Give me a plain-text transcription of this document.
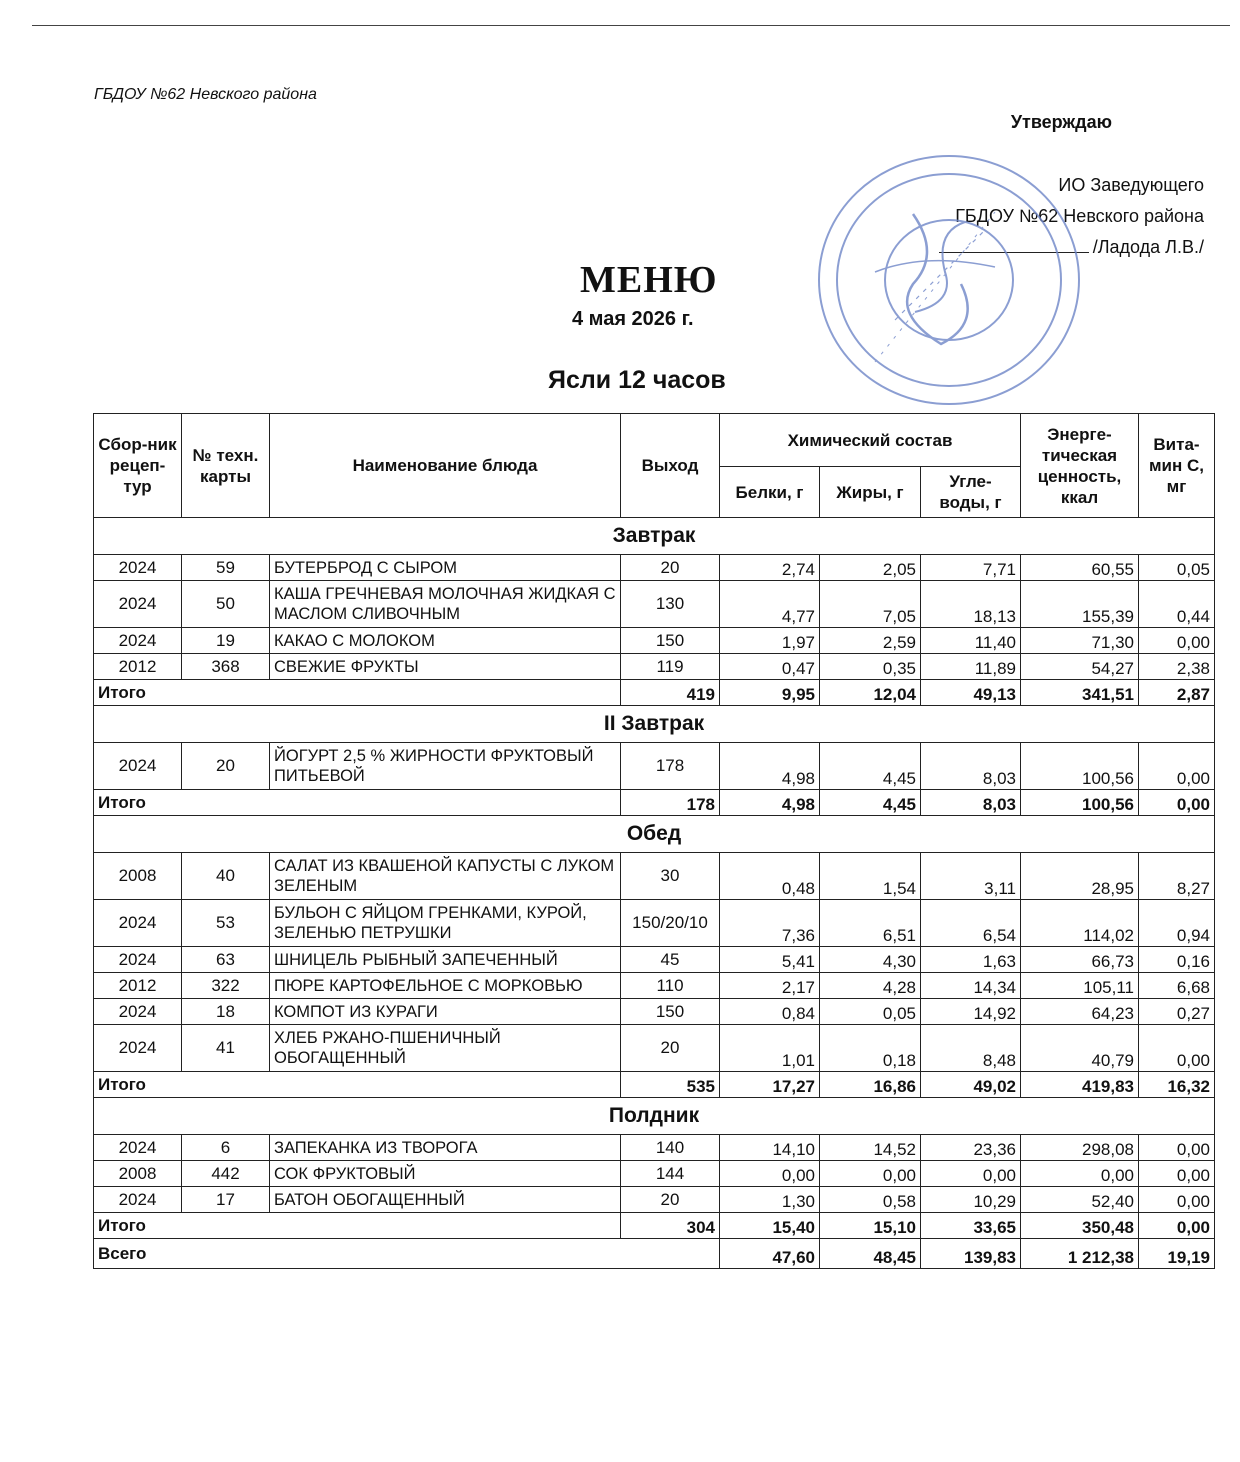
ГБДОУ №62 Невского района
Утверждаю
ИО Заведующего
ГБДОУ №62 Невского района
/Ладода Л.В./
МЕНЮ
4 мая 2026 г.
Ясли 12 часов
Сбор-ник рецеп-тур	№ техн. карты	Наименование блюда	Выход	Химический состав			Энерге-тическая ценность, ккал	Вита-мин С, мг
				Белки, г	Жиры, г	Угле-воды, г		
Завтрак								
2024	59	БУТЕРБРОД С СЫРОМ	20	2,74	2,05	7,71	60,55	0,05
2024	50	КАША ГРЕЧНЕВАЯ МОЛОЧНАЯ ЖИДКАЯ С МАСЛОМ СЛИВОЧНЫМ	130	4,77	7,05	18,13	155,39	0,44
2024	19	КАКАО С МОЛОКОМ	150	1,97	2,59	11,40	71,30	0,00
2012	368	СВЕЖИЕ ФРУКТЫ	119	0,47	0,35	11,89	54,27	2,38
Итого			419	9,95	12,04	49,13	341,51	2,87
II Завтрак								
2024	20	ЙОГУРТ 2,5 % ЖИРНОСТИ ФРУКТОВЫЙ ПИТЬЕВОЙ	178	4,98	4,45	8,03	100,56	0,00
Итого			178	4,98	4,45	8,03	100,56	0,00
Обед								
2008	40	САЛАТ ИЗ КВАШЕНОЙ КАПУСТЫ С ЛУКОМ ЗЕЛЕНЫМ	30	0,48	1,54	3,11	28,95	8,27
2024	53	БУЛЬОН С ЯЙЦОМ ГРЕНКАМИ, КУРОЙ, ЗЕЛЕНЬЮ ПЕТРУШКИ	150/20/10	7,36	6,51	6,54	114,02	0,94
2024	63	ШНИЦЕЛЬ РЫБНЫЙ ЗАПЕЧЕННЫЙ	45	5,41	4,30	1,63	66,73	0,16
2012	322	ПЮРЕ КАРТОФЕЛЬНОЕ С МОРКОВЬЮ	110	2,17	4,28	14,34	105,11	6,68
2024	18	КОМПОТ ИЗ КУРАГИ	150	0,84	0,05	14,92	64,23	0,27
2024	41	ХЛЕБ РЖАНО-ПШЕНИЧНЫЙ ОБОГАЩЕННЫЙ	20	1,01	0,18	8,48	40,79	0,00
Итого			535	17,27	16,86	49,02	419,83	16,32
Полдник								
2024	6	ЗАПЕКАНКА ИЗ ТВОРОГА	140	14,10	14,52	23,36	298,08	0,00
2008	442	СОК ФРУКТОВЫЙ	144	0,00	0,00	0,00	0,00	0,00
2024	17	БАТОН ОБОГАЩЕННЫЙ	20	1,30	0,58	10,29	52,40	0,00
Итого			304	15,40	15,10	33,65	350,48	0,00
Всего				47,60	48,45	139,83	1 212,38	19,19
